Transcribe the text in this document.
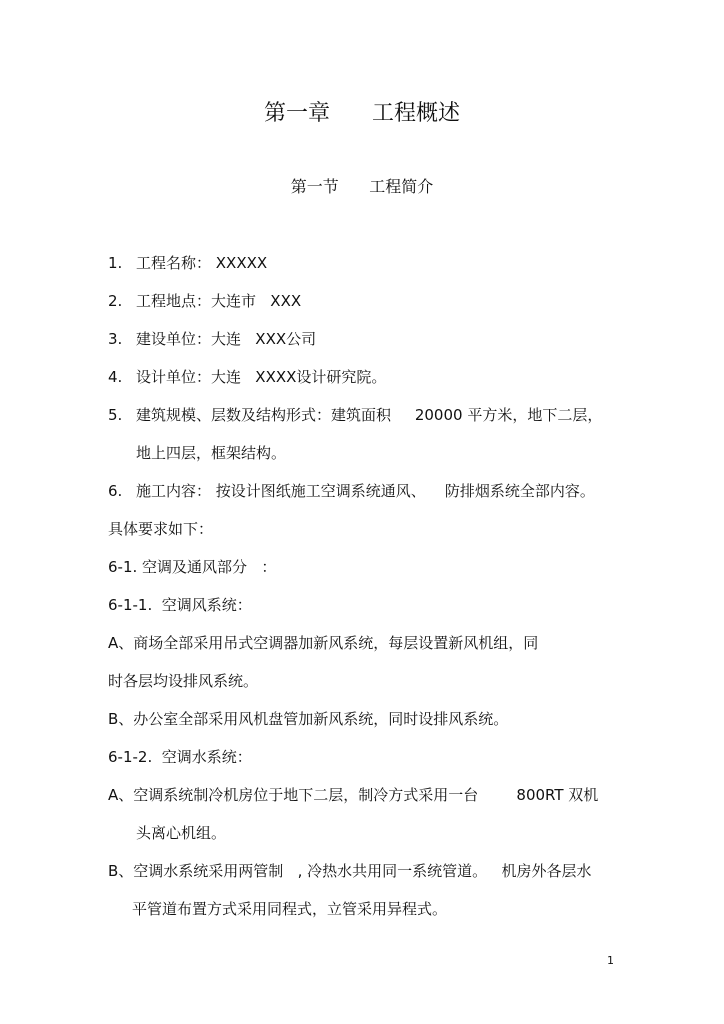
第一章      工程概述
第一节      工程简介
1. 工程名称： XXXXX
2. 工程地点：大连市   XXX
3. 建设单位：大连   XXX公司
4. 设计单位：大连   XXXX设计研究院。
5. 建筑规模、层数及结构形式：建筑面积     20000 平方米，地下二层，
地上四层，框架结构。
6. 施工内容： 按设计图纸施工空调系统通风、    防排烟系统全部内容。
具体要求如下：
6-1. 空调及通风部分   ：
6-1-1.  空调风系统：
A、商场全部采用吊式空调器加新风系统，每层设置新风机组，同
时各层均设排风系统。
B、办公室全部采用风机盘管加新风系统，同时设排风系统。
6-1-2.  空调水系统：
A、空调系统制冷机房位于地下二层，制冷方式采用一台        800RT 双机
头离心机组。
B、空调水系统采用两管制   , 冷热水共用同一系统管道。   机房外各层水
平管道布置方式采用同程式，立管采用异程式。
1
